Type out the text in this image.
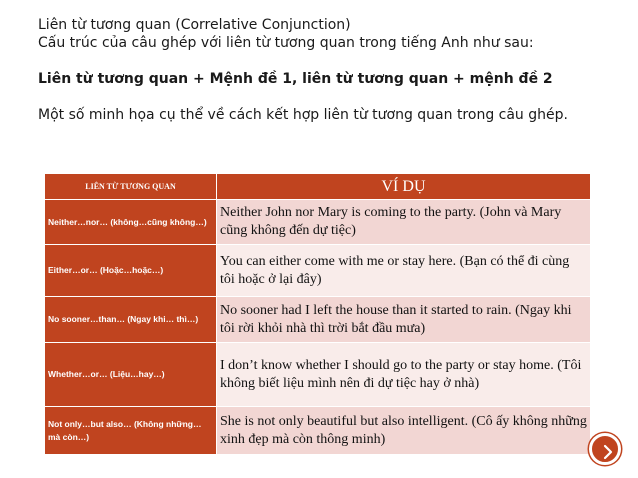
Liên từ tương quan (Correlative Conjunction)

Cấu trúc của câu ghép với liên từ tương quan trong tiếng Anh như sau:

Liên từ tương quan + Mệnh đề 1, liên từ tương quan + mệnh đề 2

Một số minh họa cụ thể về cách kết hợp liên từ tương quan trong câu ghép.

LIÊN TỪ TƯƠNG QUAN	VÍ DỤ
Neither…nor… (không…cũng không…)	Neither John nor Mary is coming to the party. (John và Mary cũng không đến dự tiệc)
Either…or… (Hoặc…hoặc…)	You can either come with me or stay here. (Bạn có thể đi cùng tôi hoặc ở lại đây)
No sooner…than… (Ngay khi… thì…)	No sooner had I left the house than it started to rain. (Ngay khi tôi rời khỏi nhà thì trời bắt đầu mưa)
Whether…or… (Liệu…hay…)	I don’t know whether I should go to the party or stay home. (Tôi không biết liệu mình nên đi dự tiệc hay ở nhà)
Not only…but also… (Không những…mà còn…)	She is not only beautiful but also intelligent. (Cô ấy không những xinh đẹp mà còn thông minh)
